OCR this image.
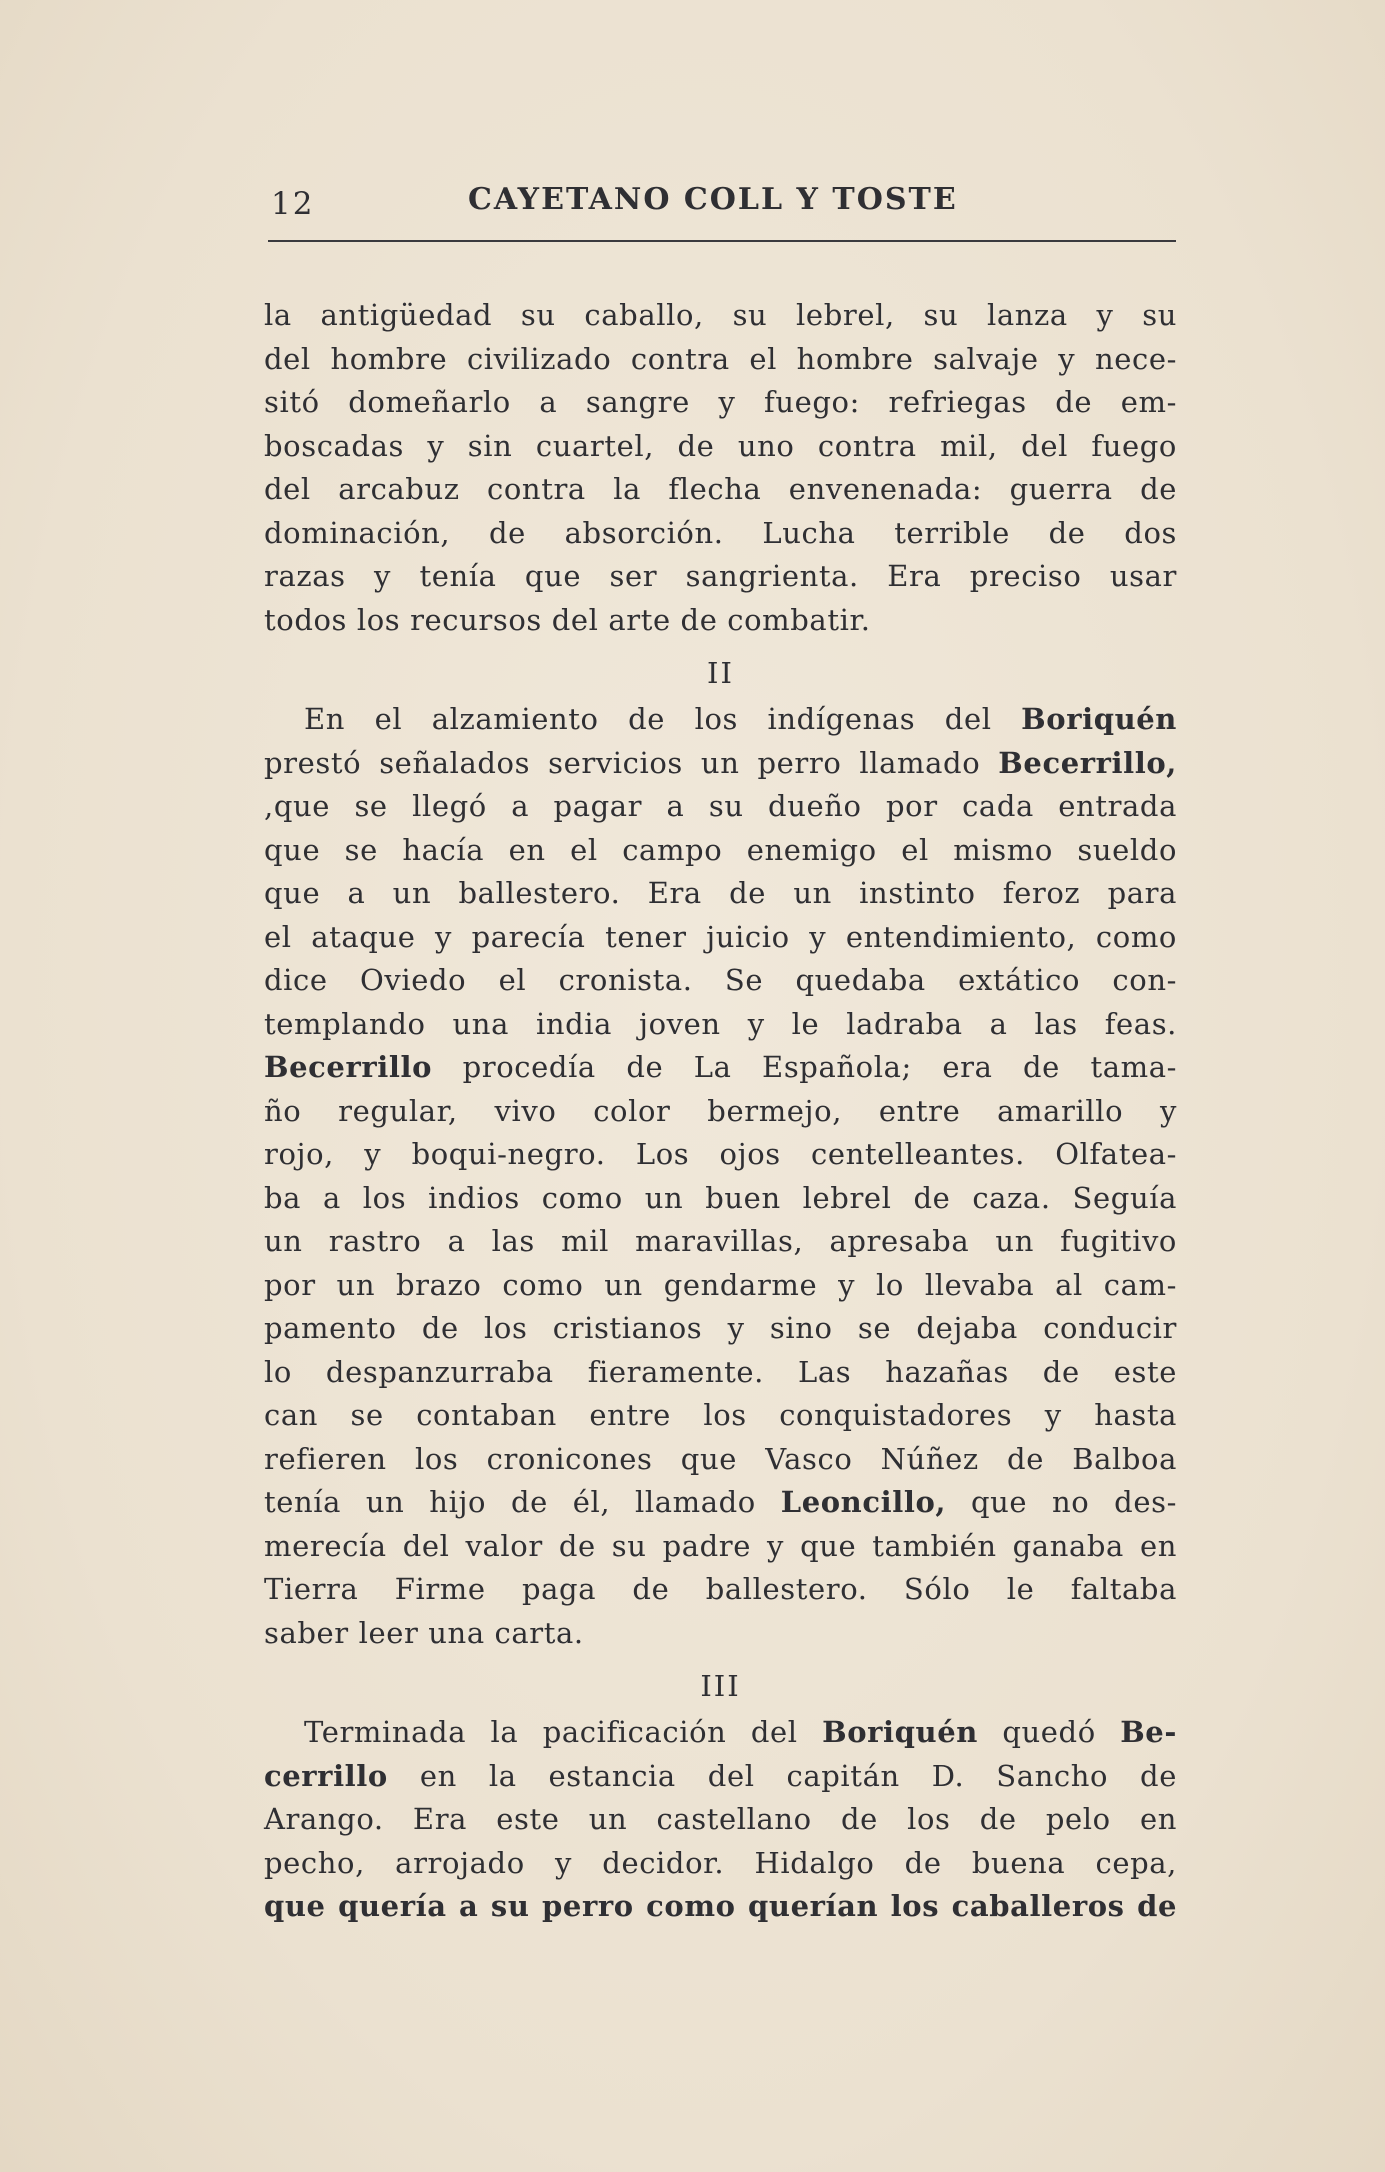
12	CAYETANO COLL Y TOSTE
la antigüedad su caballo, su lebrel, su lanza y su
del hombre civilizado contra el hombre salvaje y nece-
sitó domeñarlo a sangre y fuego: refriegas de em-
boscadas y sin cuartel, de uno contra mil, del fuego
del arcabuz contra la flecha envenenada: guerra de
dominación, de absorción. Lucha terrible de dos
razas y tenía que ser sangrienta. Era preciso usar
todos los recursos del arte de combatir.
II
En el alzamiento de los indígenas del Boriquén
prestó señalados servicios un perro llamado Becerrillo,
,que se llegó a pagar a su dueño por cada entrada
que se hacía en el campo enemigo el mismo sueldo
que a un ballestero. Era de un instinto feroz para
el ataque y parecía tener juicio y entendimiento, como
dice Oviedo el cronista. Se quedaba extático con-
templando una india joven y le ladraba a las feas.
Becerrillo procedía de La Española; era de tama-
ño regular, vivo color bermejo, entre amarillo y
rojo, y boqui-negro. Los ojos centelleantes. Olfatea-
ba a los indios como un buen lebrel de caza. Seguía
un rastro a las mil maravillas, apresaba un fugitivo
por un brazo como un gendarme y lo llevaba al cam-
pamento de los cristianos y sino se dejaba conducir
lo despanzurraba fieramente. Las hazañas de este
can se contaban entre los conquistadores y hasta
refieren los cronicones que Vasco Núñez de Balboa
tenía un hijo de él, llamado Leoncillo, que no des-
merecía del valor de su padre y que también ganaba en
Tierra Firme paga de ballestero. Sólo le faltaba
saber leer una carta.
III
Terminada la pacificación del Boriquén quedó Be-
cerrillo en la estancia del capitán D. Sancho de
Arango. Era este un castellano de los de pelo en
pecho, arrojado y decidor. Hidalgo de buena cepa,
que quería a su perro como querían los caballeros de
